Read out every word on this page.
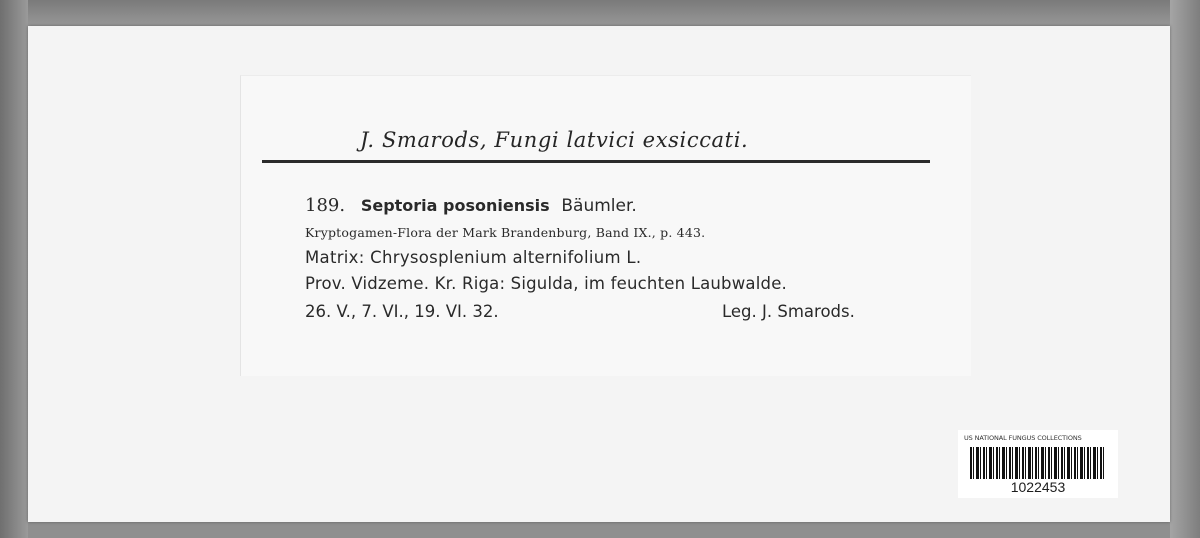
J. Smarods, Fungi latvici exsiccati.
189. Septoria posoniensis Bäumler.
Kryptogamen-Flora der Mark Brandenburg, Band IX., p. 443.
Matrix: Chrysosplenium alternifolium L.
Prov. Vidzeme. Kr. Riga: Sigulda, im feuchten Laubwalde.
26. V., 7. VI., 19. VI. 32.	Leg. J. Smarods.
US NATIONAL FUNGUS COLLECTIONS
1022453
